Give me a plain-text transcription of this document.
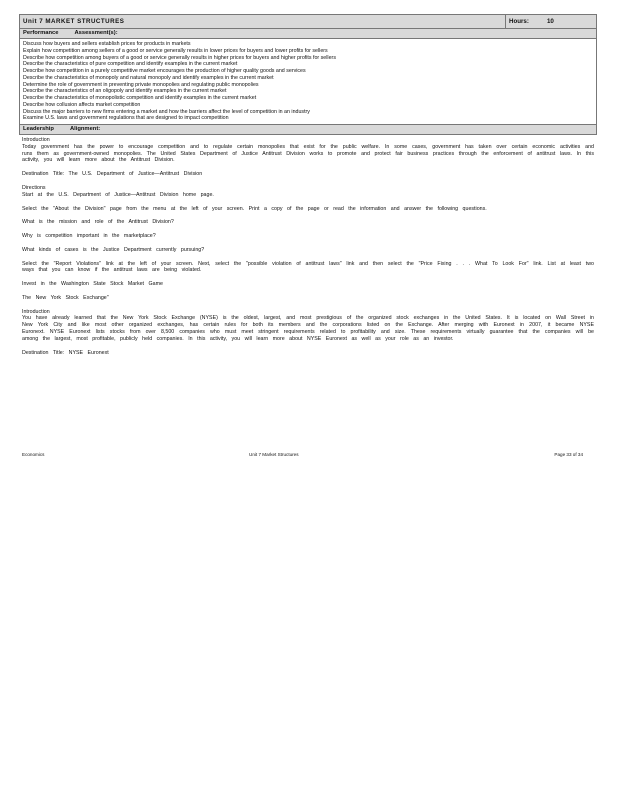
Unit 7 MARKET STRUCTURES	Hours:	10
Performance	Assessment(s):
Discuss how buyers and sellers establish prices for products in markets
Explain how competition among sellers of a good or service generally results in lower prices for buyers and lower profits for sellers
Describe how competition among buyers of a good or service generally results in higher prices for buyers and higher profits for sellers
Describe the characteristics of pure competition and identify examples in the current market
Describe how competition in a purely competitive market encourages the production of higher quality goods and services
Describe the characteristics of monopoly and natural monopoly and identify examples in the current market
Determine the role of government in preventing private monopolies and regulating public monopolies
Describe the characteristics of an oligopoly and identify examples in the current market
Describe the characteristics of monopolistic competition and identify examples in the current market
Describe how collusion affects market competition
Discuss the major barriers to new firms entering a market and how the barriers affect the level of competition in an industry
Examine U.S. laws and government regulations that are designed to impact competition
Leadership	Alignment:
Introduction
Today government has the power to encourage competition and to regulate certain monopolies that exist for the public welfare. In some cases, government has taken over certain economic activities and runs them as government-owned monopolies. The United States Department of Justice Antitrust Division works to promote and protect fair business practices through the enforcement of antitrust laws. In this activity, you will learn more about the Antitrust Division.
Destination Title: The U.S. Department of Justice—Antitrust Division
Directions
Start at the U.S. Department of Justice—Antitrust Division home page.
Select the "About the Division" page from the menu at the left of your screen. Print a copy of the page or read the information and answer the following questions.
What is the mission and role of the Antitrust Division?
Why is competition important in the marketplace?
What kinds of cases is the Justice Department currently pursuing?
Select the "Report Violations" link at the left of your screen. Next, select the "possible violation of antitrust laws" link and then select the "Price Fixing . . . What To Look For" link. List at least two ways that you can know if the antitrust laws are being violated.
Invest in the Washington State Stock Market Game
The New York Stock Exchange"
Introduction
You have already learned that the New York Stock Exchange (NYSE) is the oldest, largest, and most prestigious of the organized stock exchanges in the United States. It is located on Wall Street in New York City and like most other organized exchanges, has certain rules for both its members and the corporations listed on the Exchange. After merging with Euronext in 2007, it became NYSE Euronext. NYSE Euronext lists stocks from over 8,500 companies who must meet stringent requirements related to profitability and size. These requirements virtually guarantee that the companies will be among the largest, most profitable, publicly held companies. In this activity, you will learn more about NYSE Euronext as well as your role as an investor.
Destination Title: NYSE Euronext
Economics	Unit 7 Market Structures	Page 33 of 34
